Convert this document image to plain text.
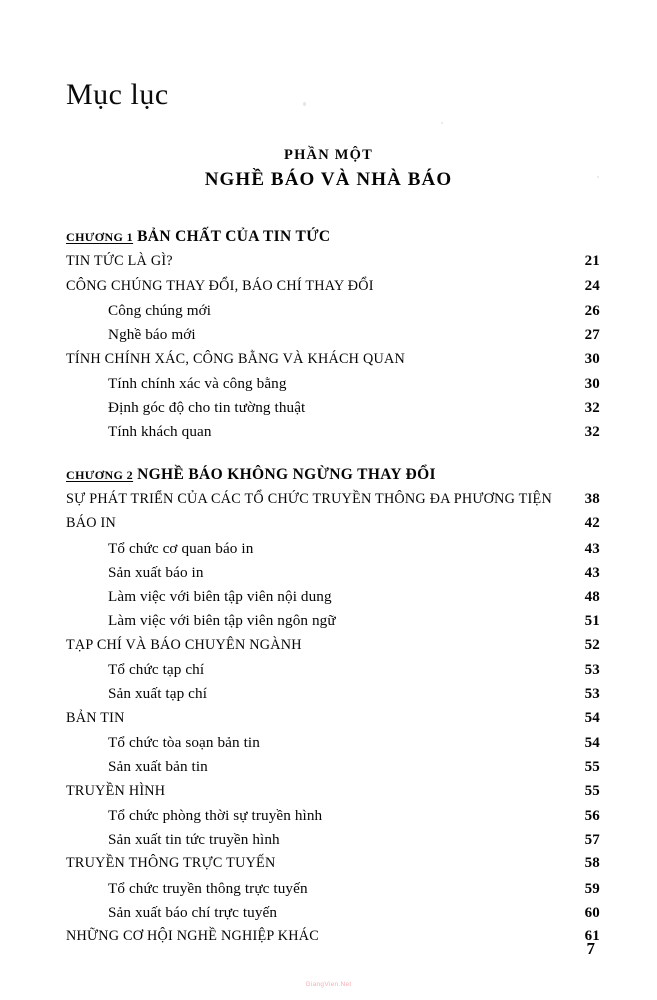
Mục lục
PHẦN MỘT
NGHỀ BÁO VÀ NHÀ BÁO
CHƯƠNG 1 BẢN CHẤT CỦA TIN TỨC
TIN TỨC LÀ GÌ?	21
CÔNG CHÚNG THAY ĐỔI, BÁO CHÍ THAY ĐỔI	24
Công chúng mới	26
Nghề báo mới	27
TÍNH CHÍNH XÁC, CÔNG BẰNG VÀ KHÁCH QUAN	30
Tính chính xác và công bằng	30
Định góc độ cho tin tường thuật	32
Tính khách quan	32
CHƯƠNG 2 NGHỀ BÁO KHÔNG NGỪNG THAY ĐỔI
SỰ PHÁT TRIỂN CỦA CÁC TỔ CHỨC TRUYỀN THÔNG ĐA PHƯƠNG TIỆN	38
BÁO IN	42
Tổ chức cơ quan báo in	43
Sản xuất báo in	43
Làm việc với biên tập viên nội dung	48
Làm việc với biên tập viên ngôn ngữ	51
TẠP CHÍ VÀ BÁO CHUYÊN NGÀNH	52
Tổ chức tạp chí	53
Sản xuất tạp chí	53
BẢN TIN	54
Tổ chức tòa soạn bản tin	54
Sản xuất bản tin	55
TRUYỀN HÌNH	55
Tổ chức phòng thời sự truyền hình	56
Sản xuất tin tức truyền hình	57
TRUYỀN THÔNG TRỰC TUYẾN	58
Tổ chức truyền thông trực tuyến	59
Sản xuất báo chí trực tuyến	60
NHỮNG CƠ HỘI NGHỀ NGHIỆP KHÁC	61
7
GiangVien.Net
